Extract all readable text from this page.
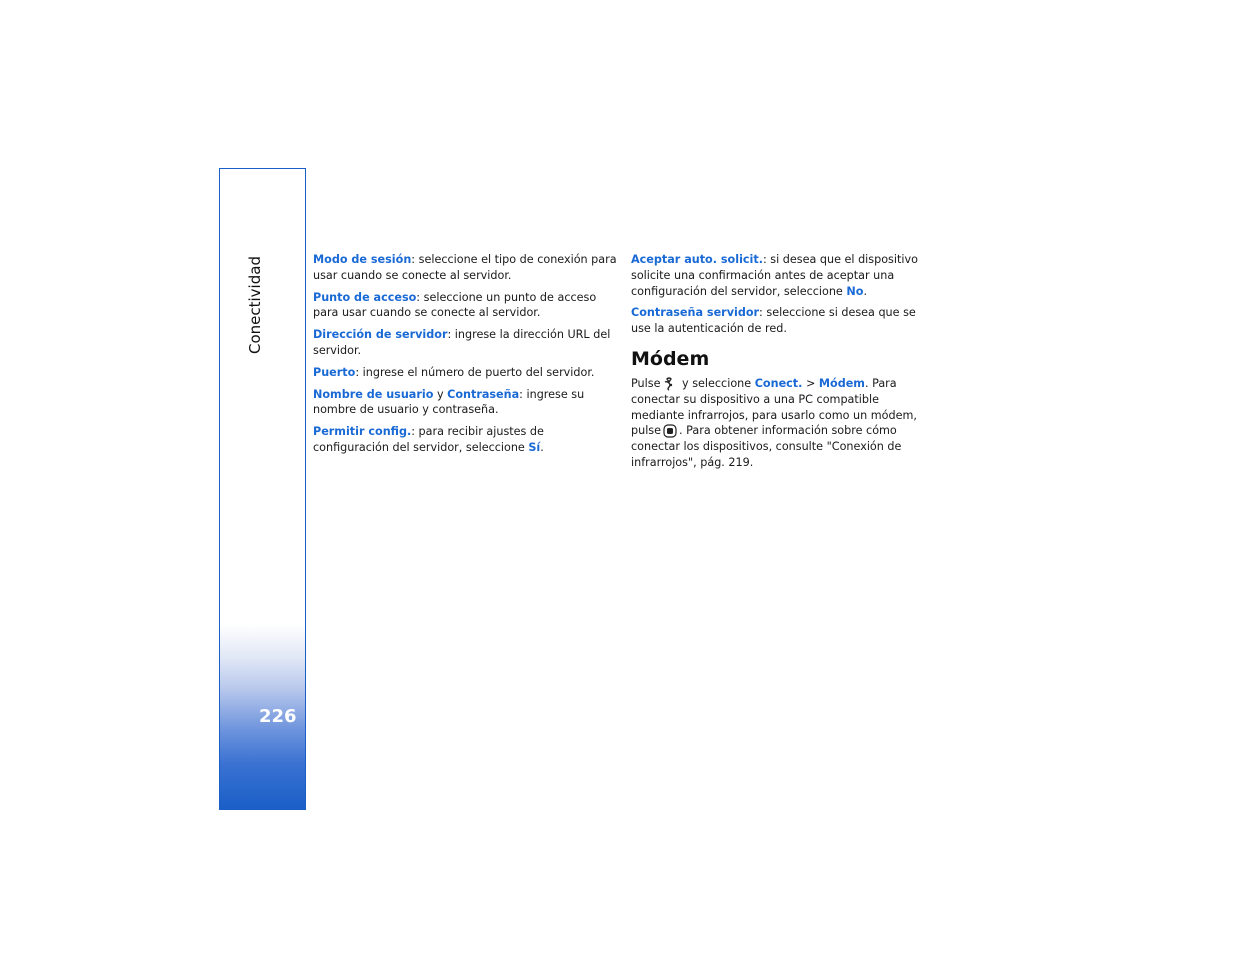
Conectividad
226

Modo de sesión: seleccione el tipo de conexión para usar cuando se conecte al servidor.

Punto de acceso: seleccione un punto de acceso para usar cuando se conecte al servidor.

Dirección de servidor: ingrese la dirección URL del servidor.

Puerto: ingrese el número de puerto del servidor.

Nombre de usuario y Contraseña: ingrese su nombre de usuario y contraseña.

Permitir config.: para recibir ajustes de configuración del servidor, seleccione Sí.

Aceptar auto. solicit.: si desea que el dispositivo solicite una confirmación antes de aceptar una configuración del servidor, seleccione No.

Contraseña servidor: seleccione si desea que se use la autenticación de red.

Módem

Pulse y seleccione Conect. > Módem. Para conectar su dispositivo a una PC compatible mediante infrarrojos, para usarlo como un módem, pulse . Para obtener información sobre cómo conectar los dispositivos, consulte "Conexión de infrarrojos", pág. 219.
